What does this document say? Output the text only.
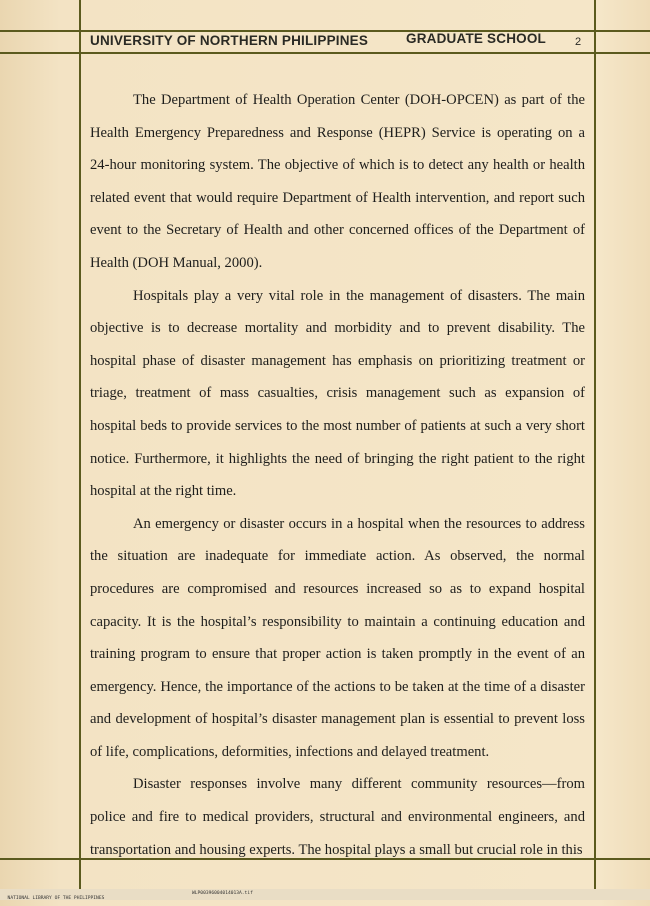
UNIVERSITY OF NORTHERN PHILIPPINES	GRADUATE SCHOOL	2

The Department of Health Operation Center (DOH-OPCEN) as part of the Health Emergency Preparedness and Response (HEPR) Service is operating on a 24-hour monitoring system. The objective of which is to detect any health or health related event that would require Department of Health intervention, and report such event to the Secretary of Health and other concerned offices of the Department of Health (DOH Manual, 2000).

Hospitals play a very vital role in the management of disasters. The main objective is to decrease mortality and morbidity and to prevent disability. The hospital phase of disaster management has emphasis on prioritizing treatment or triage, treatment of mass casualties, crisis management such as expansion of hospital beds to provide services to the most number of patients at such a very short notice. Furthermore, it highlights the need of bringing the right patient to the right hospital at the right time.

An emergency or disaster occurs in a hospital when the resources to address the situation are inadequate for immediate action. As observed, the normal procedures are compromised and resources increased so as to expand hospital capacity. It is the hospital’s responsibility to maintain a continuing education and training program to ensure that proper action is taken promptly in the event of an emergency. Hence, the importance of the actions to be taken at the time of a disaster and development of hospital’s disaster management plan is essential to prevent loss of life, complications, deformities, infections and delayed treatment.

Disaster responses involve many different community resources—from police and fire to medical providers, structural and environmental engineers, and transportation and housing experts. The hospital plays a small but crucial role in this

NATIONAL LIBRARY OF THE PHILIPPINES

WLP00396004014013A.tif
